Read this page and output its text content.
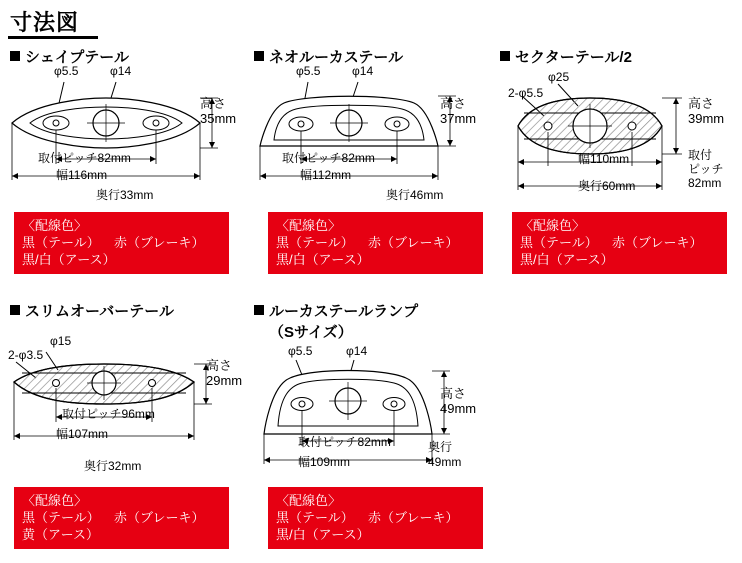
寸法図
シェイプテール
φ5.5	φ14
高さ
35mm
取付ピッチ82mm
幅116mm
奥行33mm
〈配線色〉
黒（テール） 赤（ブレーキ）
黒/白（アース）
ネオルーカステール
φ5.5	φ14
高さ
37mm
取付ピッチ82mm
幅112mm
奥行46mm
〈配線色〉
黒（テール） 赤（ブレーキ）
黒/白（アース）
セクターテール/2
2-φ5.5
φ25
高さ
39mm
取付
ピッチ
82mm
幅110mm
奥行60mm
〈配線色〉
黒（テール） 赤（ブレーキ）
黒/白（アース）
スリムオーバーテール
2-φ3.5
φ15
高さ
29mm
取付ピッチ96mm
幅107mm
奥行32mm
〈配線色〉
黒（テール） 赤（ブレーキ）
黄（アース）
ルーカステールランプ
（Sサイズ）
φ5.5	φ14
高さ
49mm
取付ピッチ82mm
幅109mm
奥行
49mm
〈配線色〉
黒（テール） 赤（ブレーキ）
黒/白（アース）
